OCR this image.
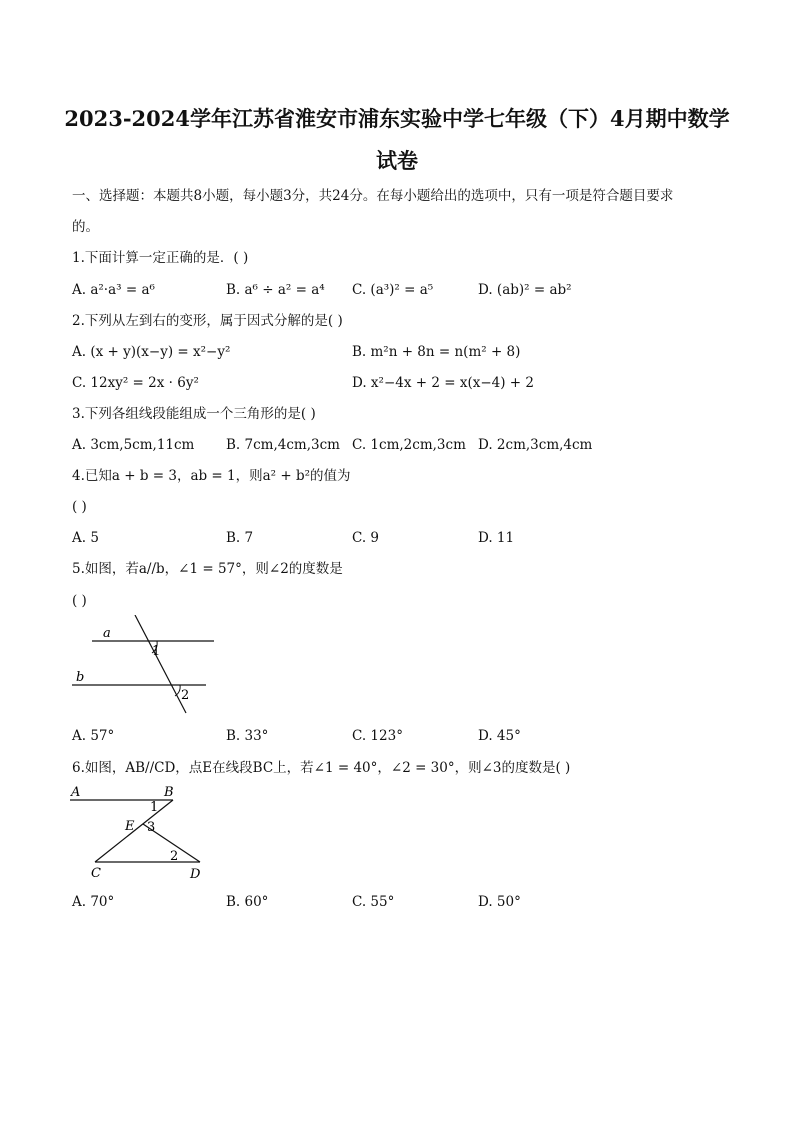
2023-2024学年江苏省淮安市浦东实验中学七年级（下）4月期中数学
试卷
一、选择题：本题共8小题，每小题3分，共24分。在每小题给出的选项中，只有一项是符合题目要求
的。
1.下面计算一定正确的是．( )
A. a²·a³ = a⁶	B. a⁶ ÷ a² = a⁴ C. (a³)² = a⁵	D. (ab)² = ab²
2.下列从左到右的变形，属于因式分解的是( )
A. (x + y)(x−y) = x²−y²	B. m²n + 8n = n(m² + 8)
C. 12xy² = 2x · 6y²	D. x²−4x + 2 = x(x−4) + 2
3.下列各组线段能组成一个三角形的是( )
A. 3cm,5cm,11cm B. 7cm,4cm,3cm C. 1cm,2cm,3cm D. 2cm,3cm,4cm
4.已知a + b = 3，ab = 1，则a² + b²的值为
( )
A. 5	B. 7	C. 9	D. 11
5.如图，若a//b，∠1 = 57°，则∠2的度数是
( )
a
1
b
2
A. 57°	B. 33°	C. 123°	D. 45°
6.如图，AB//CD，点E在线段BC上，若∠1 = 40°，∠2 = 30°，则∠3的度数是( )
A	B
1
E 3
2
C	D
A. 70°	B. 60°	C. 55°	D. 50°
